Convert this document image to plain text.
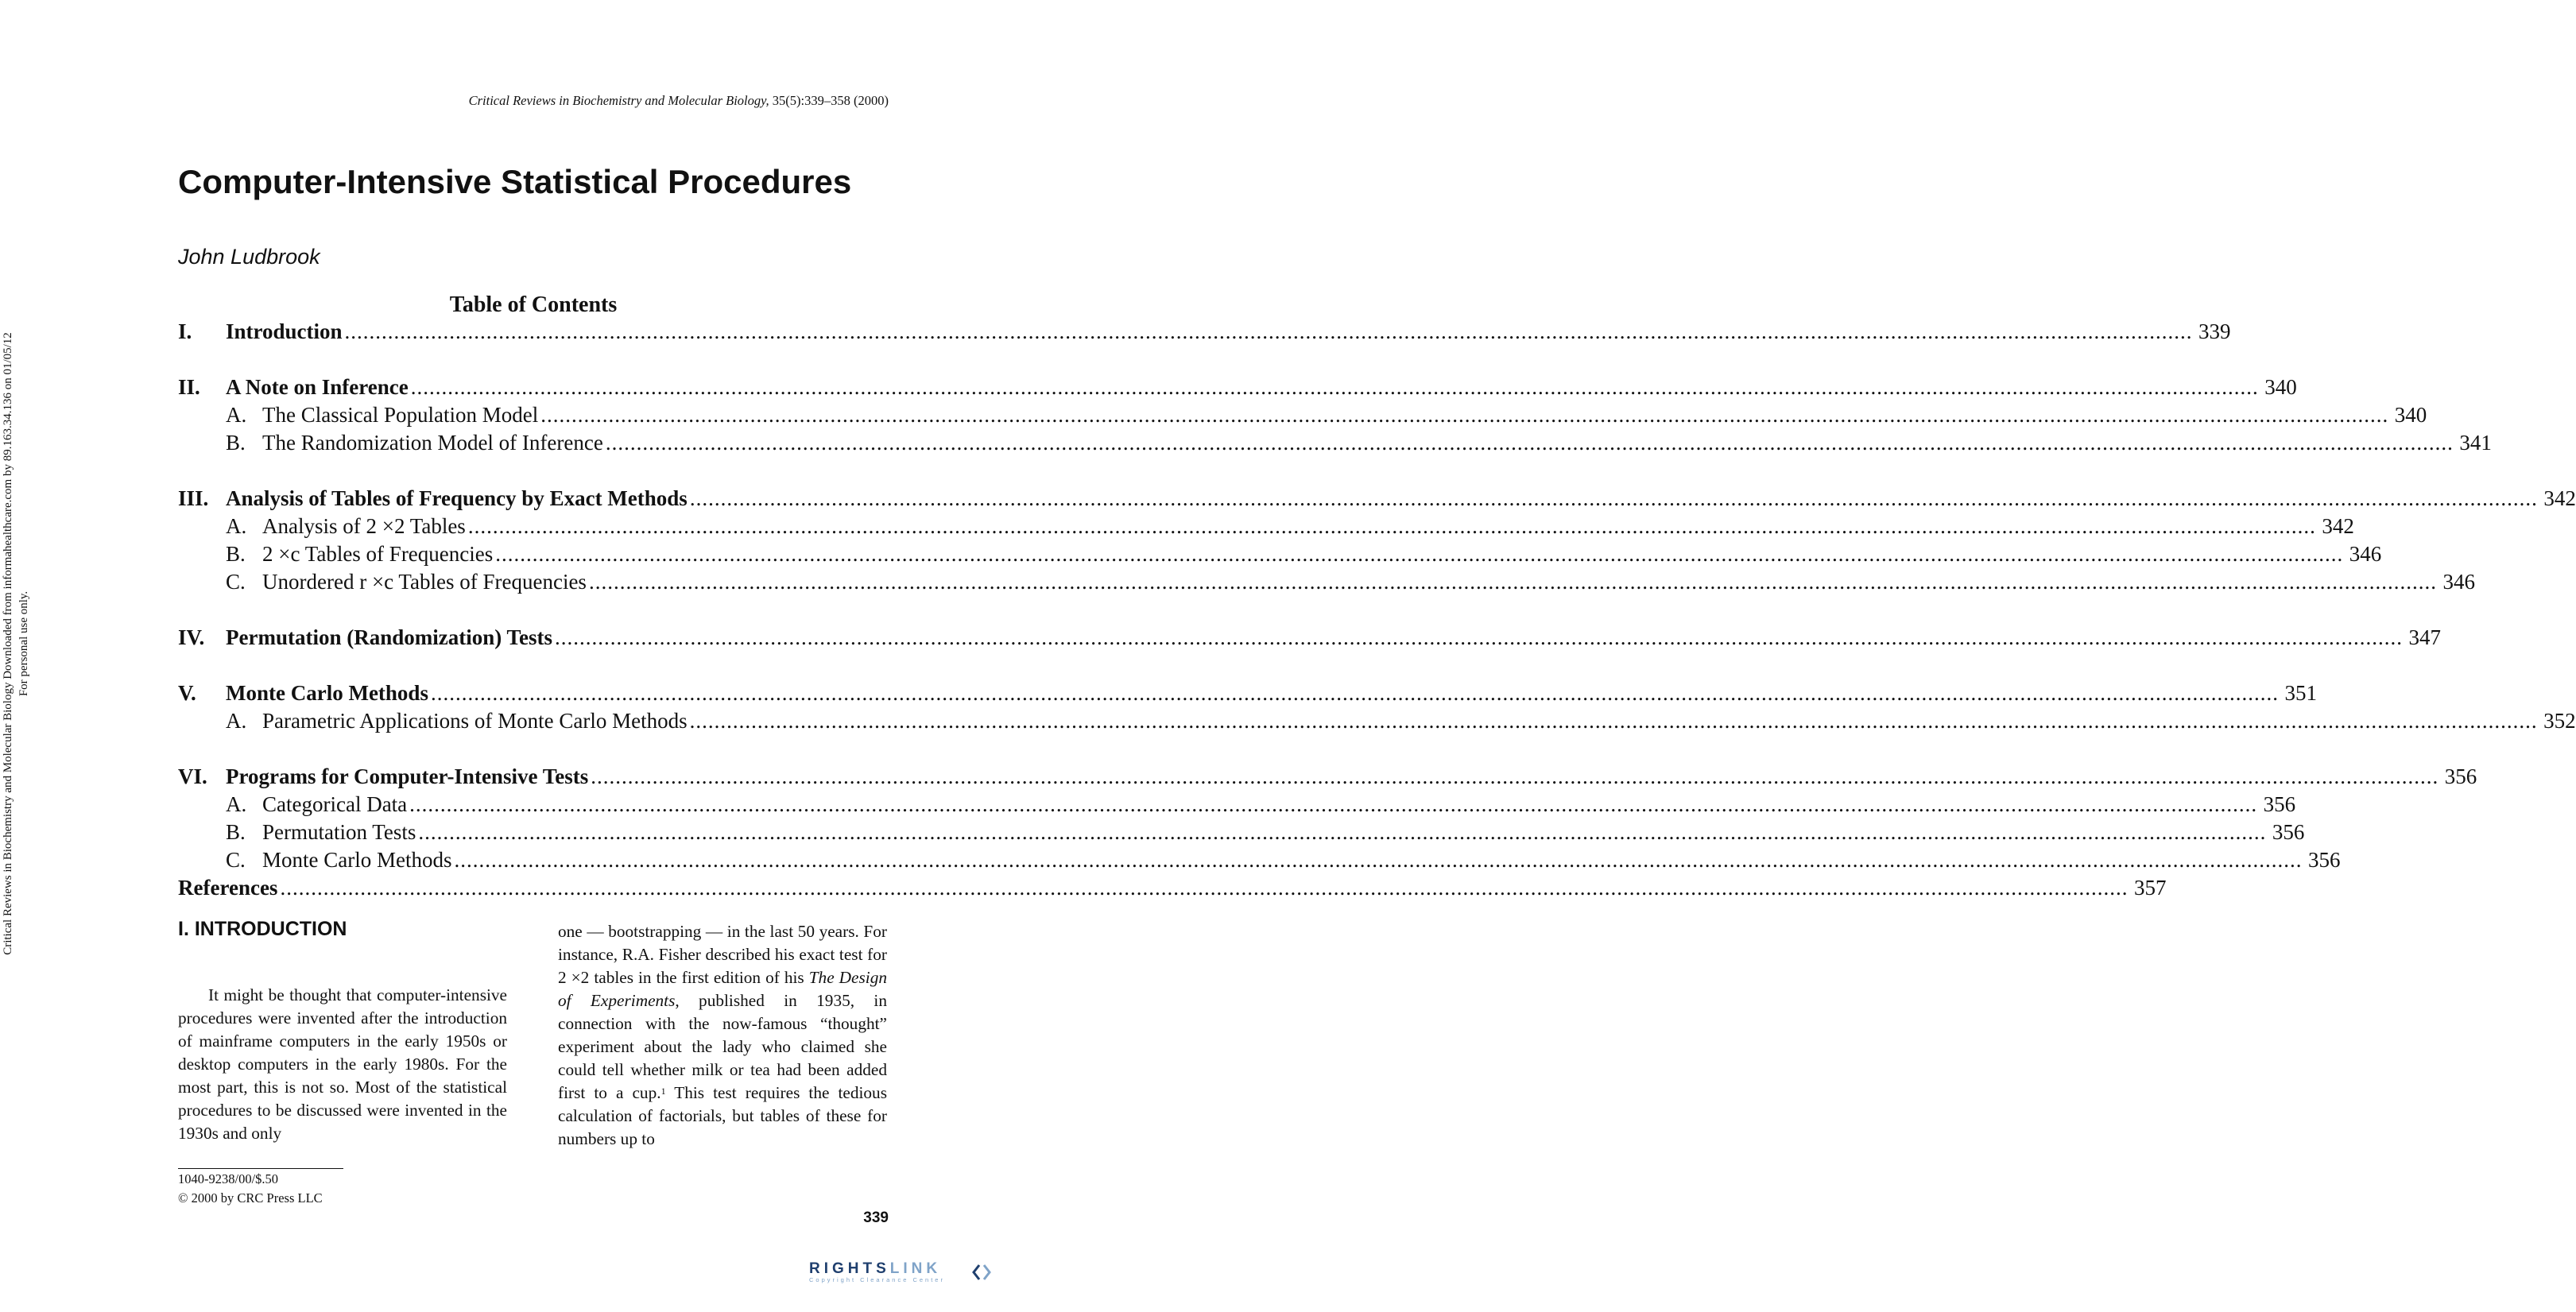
Critical Reviews in Biochemistry and Molecular Biology, 35(5):339–358 (2000)
Computer-Intensive Statistical Procedures
John Ludbrook
Table of Contents
I.	Introduction ............................................................................................................................................................................................................................................................................................................ 339
II.	A Note on Inference ............................................................................................................................................................................................................................................................................................................ 340
A. The Classical Population Model ............................................................................................................................................................................................................................................................................................................ 340
B. The Randomization Model of Inference ............................................................................................................................................................................................................................................................................................................ 341
III. Analysis of Tables of Frequency by Exact Methods ............................................................................................................................................................................................................................................................................................................ 342
A. Analysis of 2 ×2 Tables ............................................................................................................................................................................................................................................................................................................ 342
B. 2 ×c Tables of Frequencies ............................................................................................................................................................................................................................................................................................................ 346
C. Unordered r ×c Tables of Frequencies ............................................................................................................................................................................................................................................................................................................ 346
IV. Permutation (Randomization) Tests ............................................................................................................................................................................................................................................................................................................ 347
V.	Monte Carlo Methods ............................................................................................................................................................................................................................................................................................................ 351
A. Parametric Applications of Monte Carlo Methods ............................................................................................................................................................................................................................................................................................................ 352
VI. Programs for Computer-Intensive Tests ............................................................................................................................................................................................................................................................................................................ 356
A. Categorical Data ............................................................................................................................................................................................................................................................................................................ 356
B. Permutation Tests ............................................................................................................................................................................................................................................................................................................ 356
C. Monte Carlo Methods ............................................................................................................................................................................................................................................................................................................ 356
References ............................................................................................................................................................................................................................................................................................................ 357
I. INTRODUCTION

It might be thought that computer-intensive procedures were invented after the introduction of mainframe computers in the early 1950s or desktop computers in the early 1980s. For the most part, this is not so. Most of the statistical procedures to be discussed were invented in the 1930s and only

one — bootstrapping — in the last 50 years. For instance, R.A. Fisher described his exact test for 2 ×2 tables in the first edition of his The Design of Experiments, published in 1935, in connection with the now-famous “thought” experiment about the lady who claimed she could tell whether milk or tea had been added first to a cup.$^1$ This test requires the tedious calculation of factorials, but tables of these for numbers up to

1040-9238/00/$.50
© 2000 by CRC Press LLC
339
Critical Reviews in Biochemistry and Molecular Biology Downloaded from informahealthcare.com by 89.163.34.136 on 01/05/12 For personal use only.
RIGHTSLINK
Copyright Clearance Center
